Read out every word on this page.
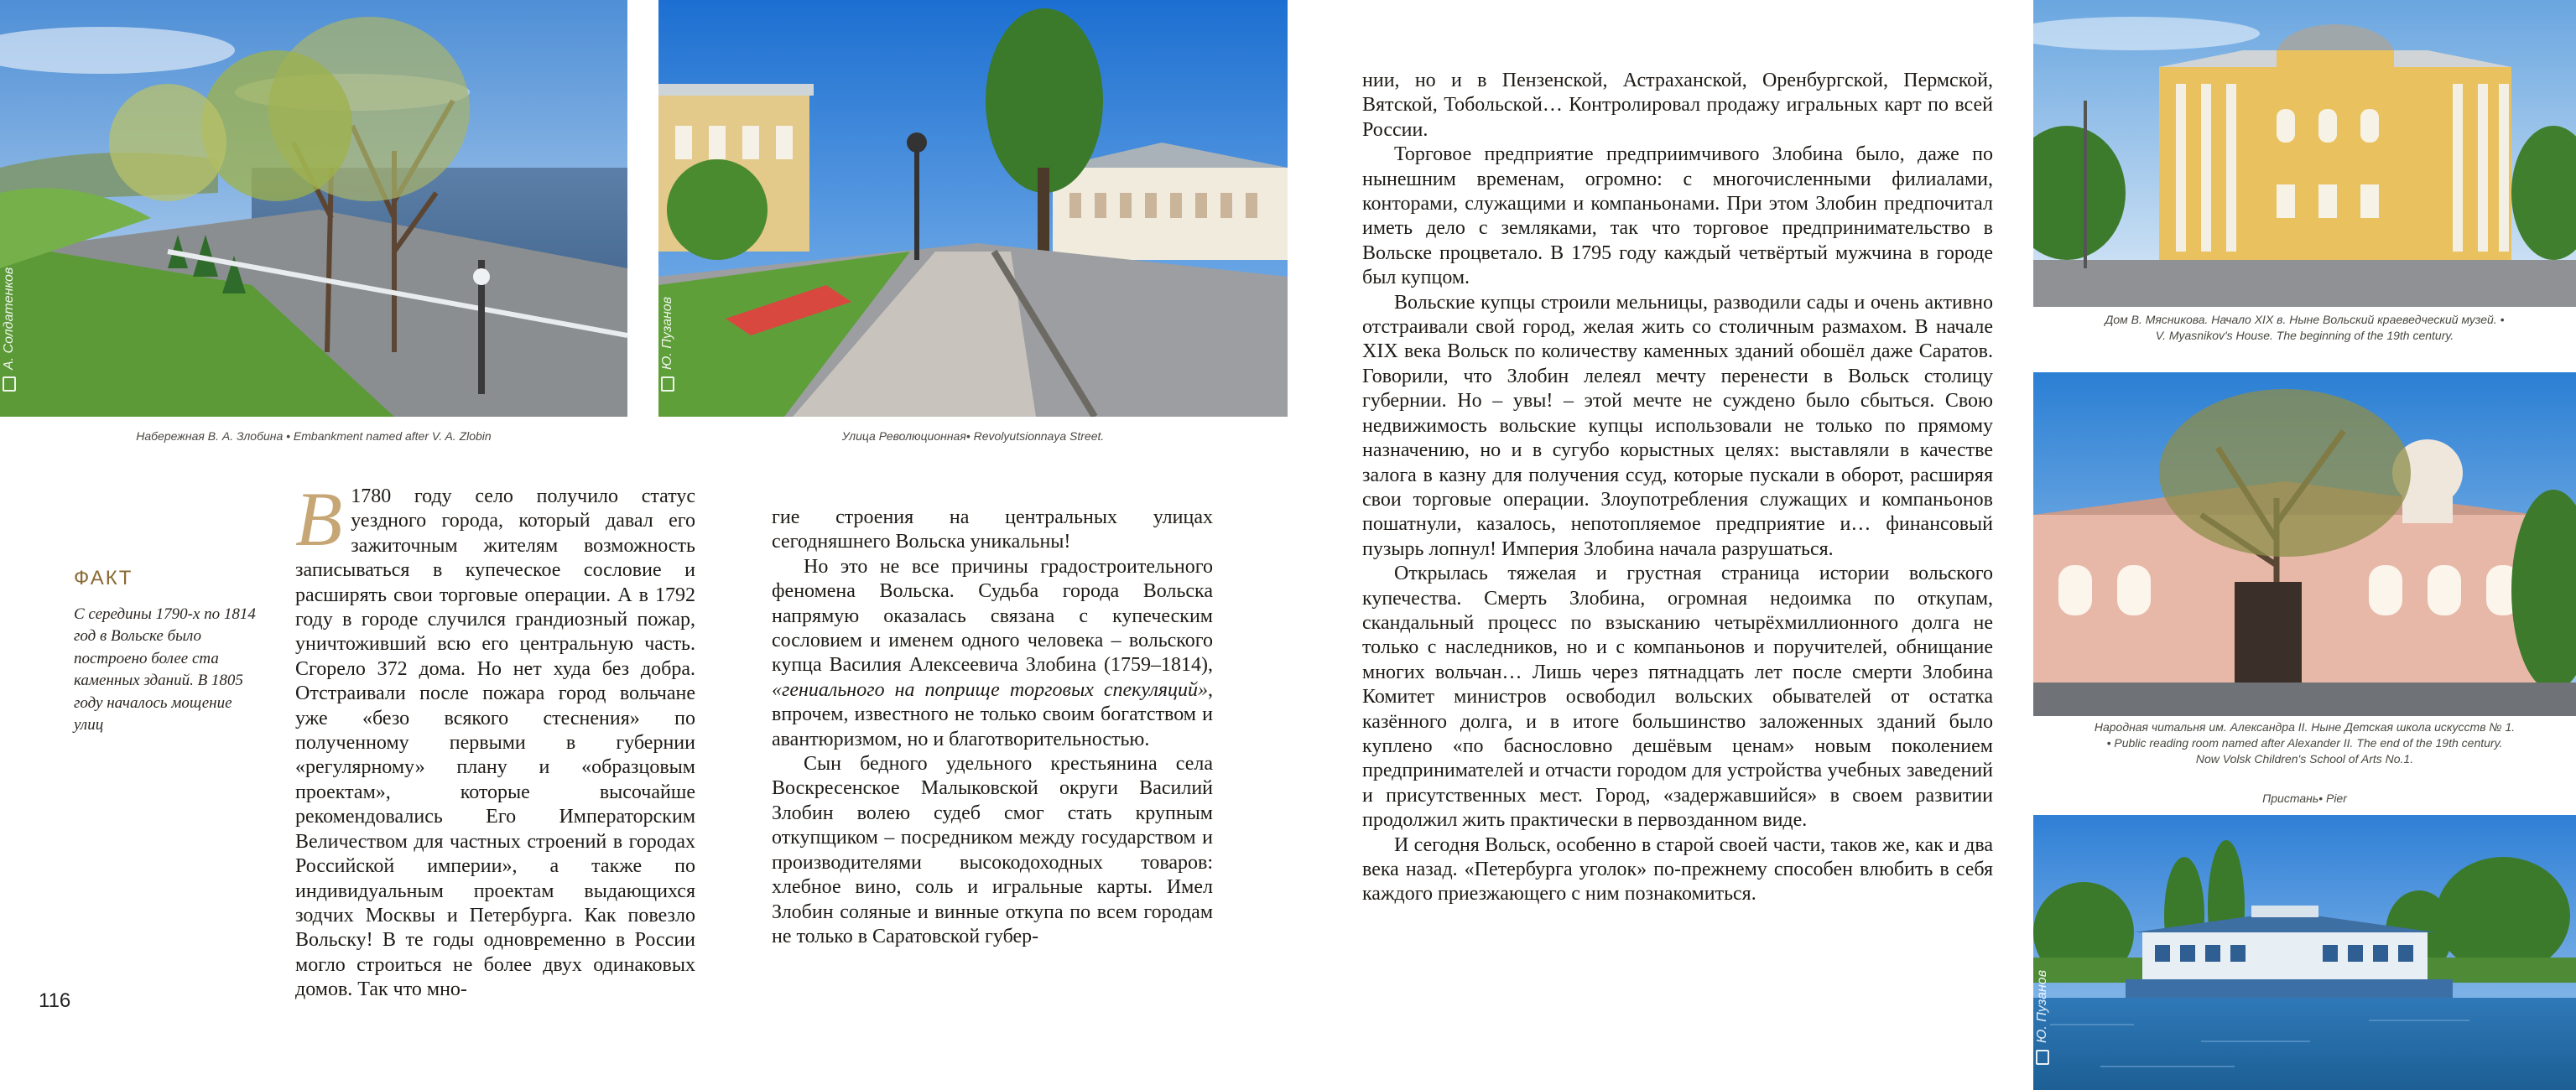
А. Солдатенков
Набережная В. А. Злобина • Embankment named after V. A. Zlobin
Ю. Пузанов
Улица Революционная• Revolyutsionnaya Street.
Дом В. Мясникова. Начало XIX в. Ныне Вольский краеведческий музей. •
V. Myasnikov's House. The beginning of the 19th century.
Народная читальня им. Александра II. Ныне Детская школа искусств № 1.
• Public reading room named after Alexander II. The end of the 19th century.
Now Volsk Children's School of Arts No.1.
Пристань• Pier
Ю. Пузанов
ФАКТ
С середины 1790-х по 1814 год в Вольске было построено более ста каменных зданий. В 1805 году началось мощение улиц

В 1780 году село получило статус уездного города, который давал его зажиточным жителям возможность записываться в купеческое сословие и расширять свои торговые операции. А в 1792 году в городе случился грандиозный пожар, уничтоживший всю его центральную часть. Сгорело 372 дома. Но нет худа без добра. Отстраивали после пожара город вольчане уже «безо всякого стеснения» по полученному первыми в губернии «регулярному» плану и «образцовым проектам», которые высочайше рекомендовались Его Императорским Величеством для частных строений в городах Российской империи», а также по индивидуальным проектам выдающихся зодчих Москвы и Петербурга. Как повезло Вольску! В те годы одновременно в России могло строиться не более двух одинаковых домов. Так что мно-

гие строения на центральных улицах сегодняшнего Вольска уникальны!

Но это не все причины градостроительного феномена Вольска. Судьба города Вольска напрямую оказалась связана с купеческим сословием и именем одного человека – вольского купца Василия Алексеевича Злобина (1759–1814), «гениального на поприще торговых спекуляций», впрочем, известного не только своим богатством и авантюризмом, но и благотворительностью.

Сын бедного удельного крестьянина села Воскресенское Малыковской округи Василий Злобин волею судеб смог стать крупным откупщиком – посредником между государством и производителями высокодоходных товаров: хлебное вино, соль и игральные карты. Имел Злобин соляные и винные откупа по всем городам не только в Саратовской губер-

нии, но и в Пензенской, Астраханской, Оренбургской, Пермской, Вятской, Тобольской… Контролировал продажу игральных карт по всей России.

Торговое предприятие предприимчивого Злобина было, даже по нынешним временам, огромно: с многочисленными филиалами, конторами, служащими и компаньонами. При этом Злобин предпочитал иметь дело с земляками, так что торговое предпринимательство в Вольске процветало. В 1795 году каждый четвёртый мужчина в городе был купцом.

Вольские купцы строили мельницы, разводили сады и очень активно отстраивали свой город, желая жить со столичным размахом. В начале XIX века Вольск по количеству каменных зданий обошёл даже Саратов. Говорили, что Злобин лелеял мечту перенести в Вольск столицу губернии. Но – увы! – этой мечте не суждено было сбыться. Свою недвижимость вольские купцы использовали не только по прямому назначению, но и в сугубо корыстных целях: выставляли в качестве залога в казну для получения ссуд, которые пускали в оборот, расширяя свои торговые операции. Злоупотребления служащих и компаньонов пошатнули, казалось, непотопляемое предприятие и… финансовый пузырь лопнул! Империя Злобина начала разрушаться.

Открылась тяжелая и грустная страница истории вольского купечества. Смерть Злобина, огромная недоимка по откупам, скандальный процесс по взысканию четырёхмиллионного долга не только с наследников, но и с компаньонов и поручителей, обнищание многих вольчан… Лишь через пятнадцать лет после смерти Злобина Комитет министров освободил вольских обывателей от остатка казённого долга, и в итоге большинство заложенных зданий было куплено «по баснословно дешёвым ценам» новым поколением предпринимателей и отчасти городом для устройства учебных заведений и присутственных мест. Город, «задержавшийся» в своем развитии продолжил жить практически в первозданном виде.

И сегодня Вольск, особенно в старой своей части, таков же, как и два века назад. «Петербурга уголок» по-прежнему способен влюбить в себя каждого приезжающего с ним познакомиться.

116
